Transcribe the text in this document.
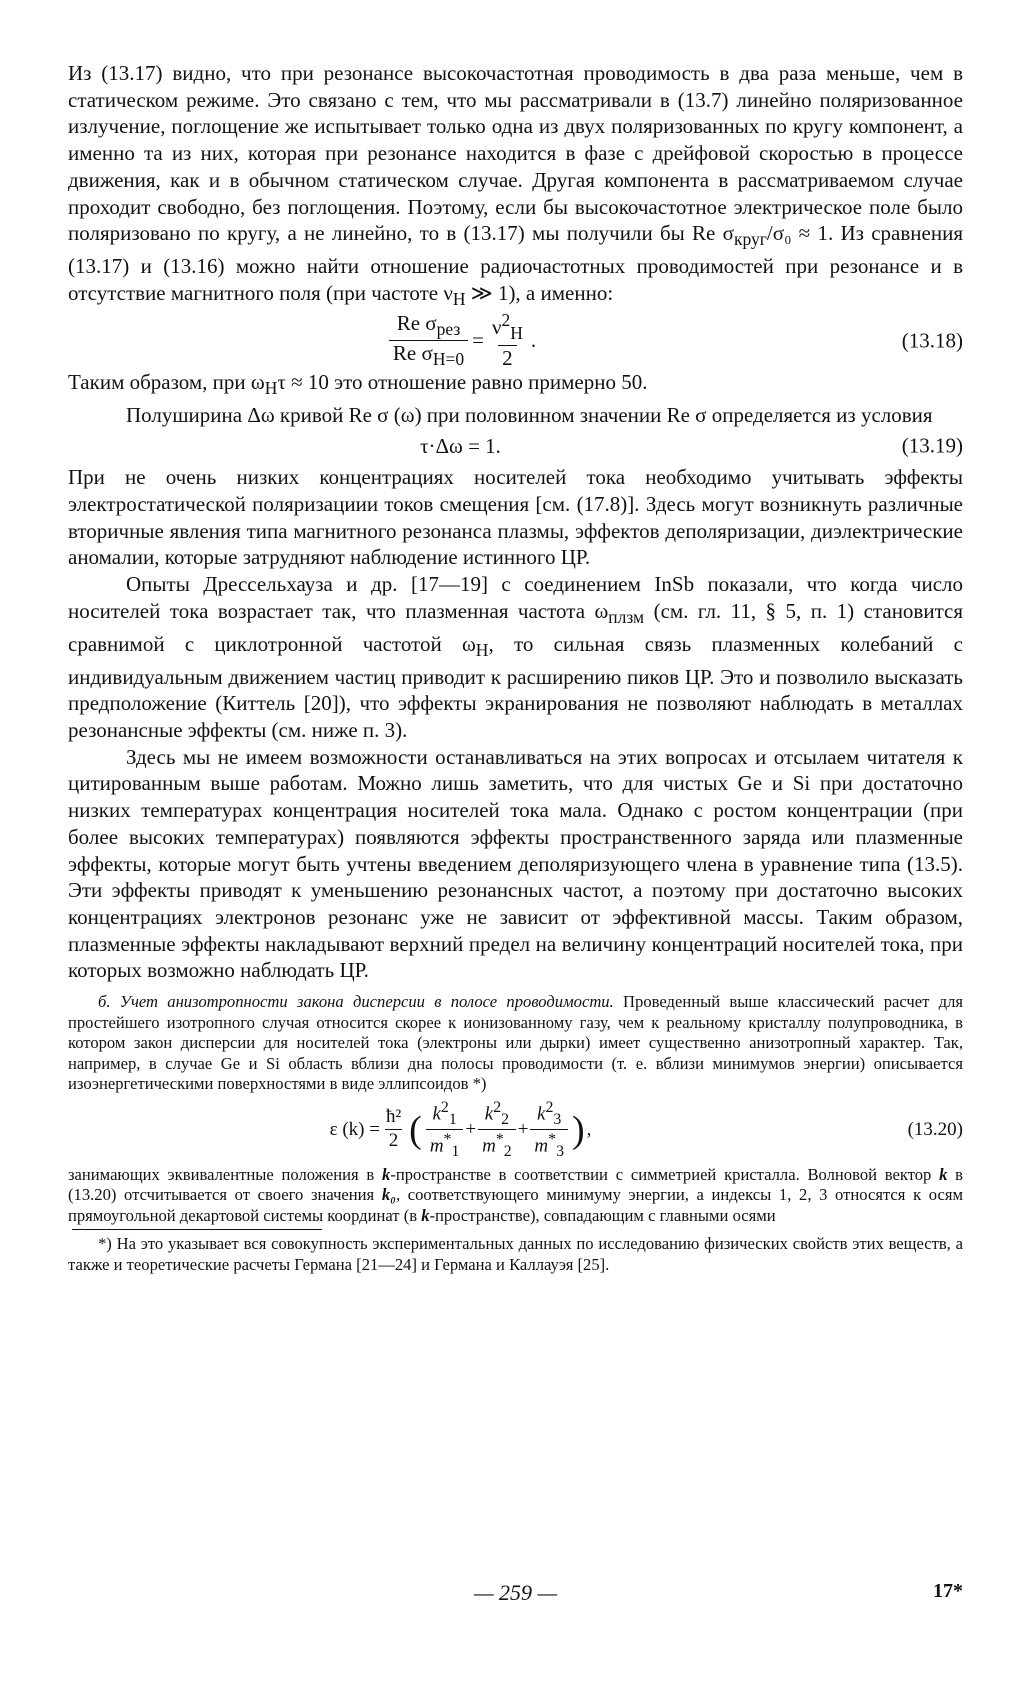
Из (13.17) видно, что при резонансе высокочастотная проводимость в два раза меньше, чем в статическом режиме. Это связано с тем, что мы рассматривали в (13.7) линейно поляризованное излучение, поглощение же испытывает только одна из двух поляризованных по кругу компонент, а именно та из них, которая при резонансе находится в фазе с дрейфовой скоростью в процессе движения, как и в обычном статическом случае. Другая компонента в рассматриваемом случае проходит свободно, без поглощения. Поэтому, если бы высокочастотное электрическое поле было поляризовано по кругу, а не линейно, то в (13.17) мы получили бы Re $\sigma_{круг}/\sigma_0 \approx 1$. Из сравнения (13.17) и (13.16) можно найти отношение радиочастотных проводимостей при резонансе и в отсутствие магнитного поля (при частоте $\nu_H$ ≫ 1), а именно:

$\frac{Re \sigma_{рез}}{Re \sigma_{H=0}} = \frac{\nu^2_H}{2}$ .	(13.18)

Таким образом, при $\omega_H\tau \approx 10$ это отношение равно примерно 50.

Полуширина Δω кривой Re σ (ω) при половинном значении Re σ определяется из условия

τ·Δω = 1.	(13.19)

При не очень низких концентрациях носителей тока необходимо учитывать эффекты электростатической поляризациии токов смещения [см. (17.8)]. Здесь могут возникнуть различные вторичные явления типа магнитного резонанса плазмы, эффектов деполяризации, диэлектрические аномалии, которые затрудняют наблюдение истинного ЦР.

Опыты Дрессельхауза и др. [17—19] с соединением InSb показали, что когда число носителей тока возрастает так, что плазменная частота $\omega_{плзм}$ (см. гл. 11, § 5, п. 1) становится сравнимой с циклотронной частотой $\omega_H$, то сильная связь плазменных колебаний с индивидуальным движением частиц приводит к расширению пиков ЦР. Это и позволило высказать предположение (Киттель [20]), что эффекты экранирования не позволяют наблюдать в металлах резонансные эффекты (см. ниже п. 3).

Здесь мы не имеем возможности останавливаться на этих вопросах и отсылаем читателя к цитированным выше работам. Можно лишь заметить, что для чистых Ge и Si при достаточно низких температурах концентрация носителей тока мала. Однако с ростом концентрации (при более высоких температурах) появляются эффекты пространственного заряда или плазменные эффекты, которые могут быть учтены введением деполяризующего члена в уравнение типа (13.5). Эти эффекты приводят к уменьшению резонансных частот, а поэтому при достаточно высоких концентрациях электронов резонанс уже не зависит от эффективной массы. Таким образом, плазменные эффекты накладывают верхний предел на величину концентраций носителей тока, при которых возможно наблюдать ЦР.

б. Учет анизотропности закона дисперсии в полосе проводимости. Проведенный выше классический расчет для простейшего изотропного случая относится скорее к ионизованному газу, чем к реальному кристаллу полупроводника, в котором закон дисперсии для носителей тока (электроны или дырки) имеет существенно анизотропный характер. Так, например, в случае Ge и Si область вблизи дна полосы проводимости (т. е. вблизи минимумов энергии) описывается изоэнергетическими поверхностями в виде эллипсоидов *)

ε $(k) = \frac{\text{ħ²}}{2}$ ( $\frac{k^2_1}{m^*_1} + \frac{k^2_2}{m^*_2} + \frac{k^2_3}{m^*_3}$ ) ,	(13.20)

занимающих эквивалентные положения в k-пространстве в соответствии с симметрией кристалла. Волновой вектор k в (13.20) отсчитывается от своего значения k₀, соответствующего минимуму энергии, а индексы 1, 2, 3 относятся к осям прямоугольной декартовой системы координат (в k-пространстве), совпадающим с главными осями

*) На это указывает вся совокупность экспериментальных данных по исследованию физических свойств этих веществ, а также и теоретические расчеты Германа [21—24] и Германа и Каллауэя [25].

— 259 —	17*
